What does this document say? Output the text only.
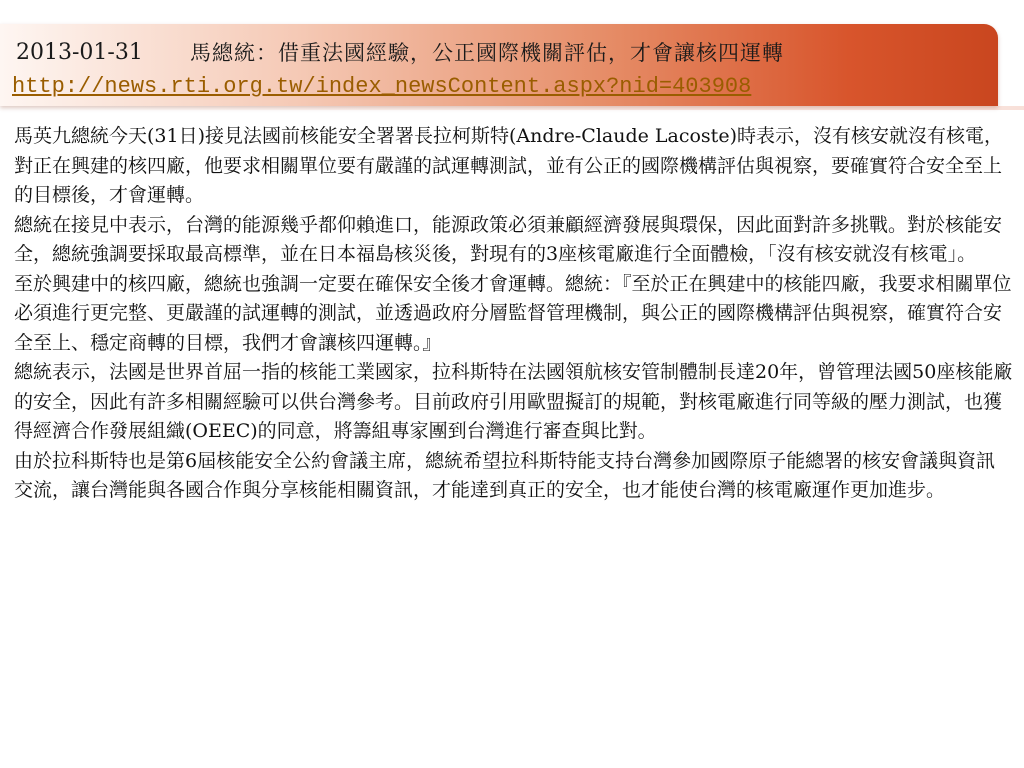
2013-01-31 馬總統：借重法國經驗，公正國際機關評估，才會讓核四運轉
http://news.rti.org.tw/index_newsContent.aspx?nid=403908

馬英九總統今天(31日)接見法國前核能安全署署長拉柯斯特(Andre-Claude Lacoste)時表示，沒有核安就沒有核電，對正在興建的核四廠，他要求相關單位要有嚴謹的試運轉測試，並有公正的國際機構評估與視察，要確實符合安全至上的目標後，才會運轉。

總統在接見中表示，台灣的能源幾乎都仰賴進口，能源政策必須兼顧經濟發展與環保，因此面對許多挑戰。對於核能安全，總統強調要採取最高標準，並在日本福島核災後，對現有的3座核電廠進行全面體檢，「沒有核安就沒有核電」。

至於興建中的核四廠，總統也強調一定要在確保安全後才會運轉。總統：『至於正在興建中的核能四廠，我要求相關單位必須進行更完整、更嚴謹的試運轉的測試，並透過政府分層監督管理機制，與公正的國際機構評估與視察，確實符合安全至上、穩定商轉的目標，我們才會讓核四運轉。』

總統表示，法國是世界首屈一指的核能工業國家，拉科斯特在法國領航核安管制體制長達20年，曾管理法國50座核能廠的安全，因此有許多相關經驗可以供台灣參考。目前政府引用歐盟擬訂的規範，對核電廠進行同等級的壓力測試，也獲得經濟合作發展組織(OEEC)的同意，將籌組專家團到台灣進行審查與比對。

由於拉科斯特也是第6屆核能安全公約會議主席，總統希望拉科斯特能支持台灣參加國際原子能總署的核安會議與資訊交流，讓台灣能與各國合作與分享核能相關資訊，才能達到真正的安全，也才能使台灣的核電廠運作更加進步。
